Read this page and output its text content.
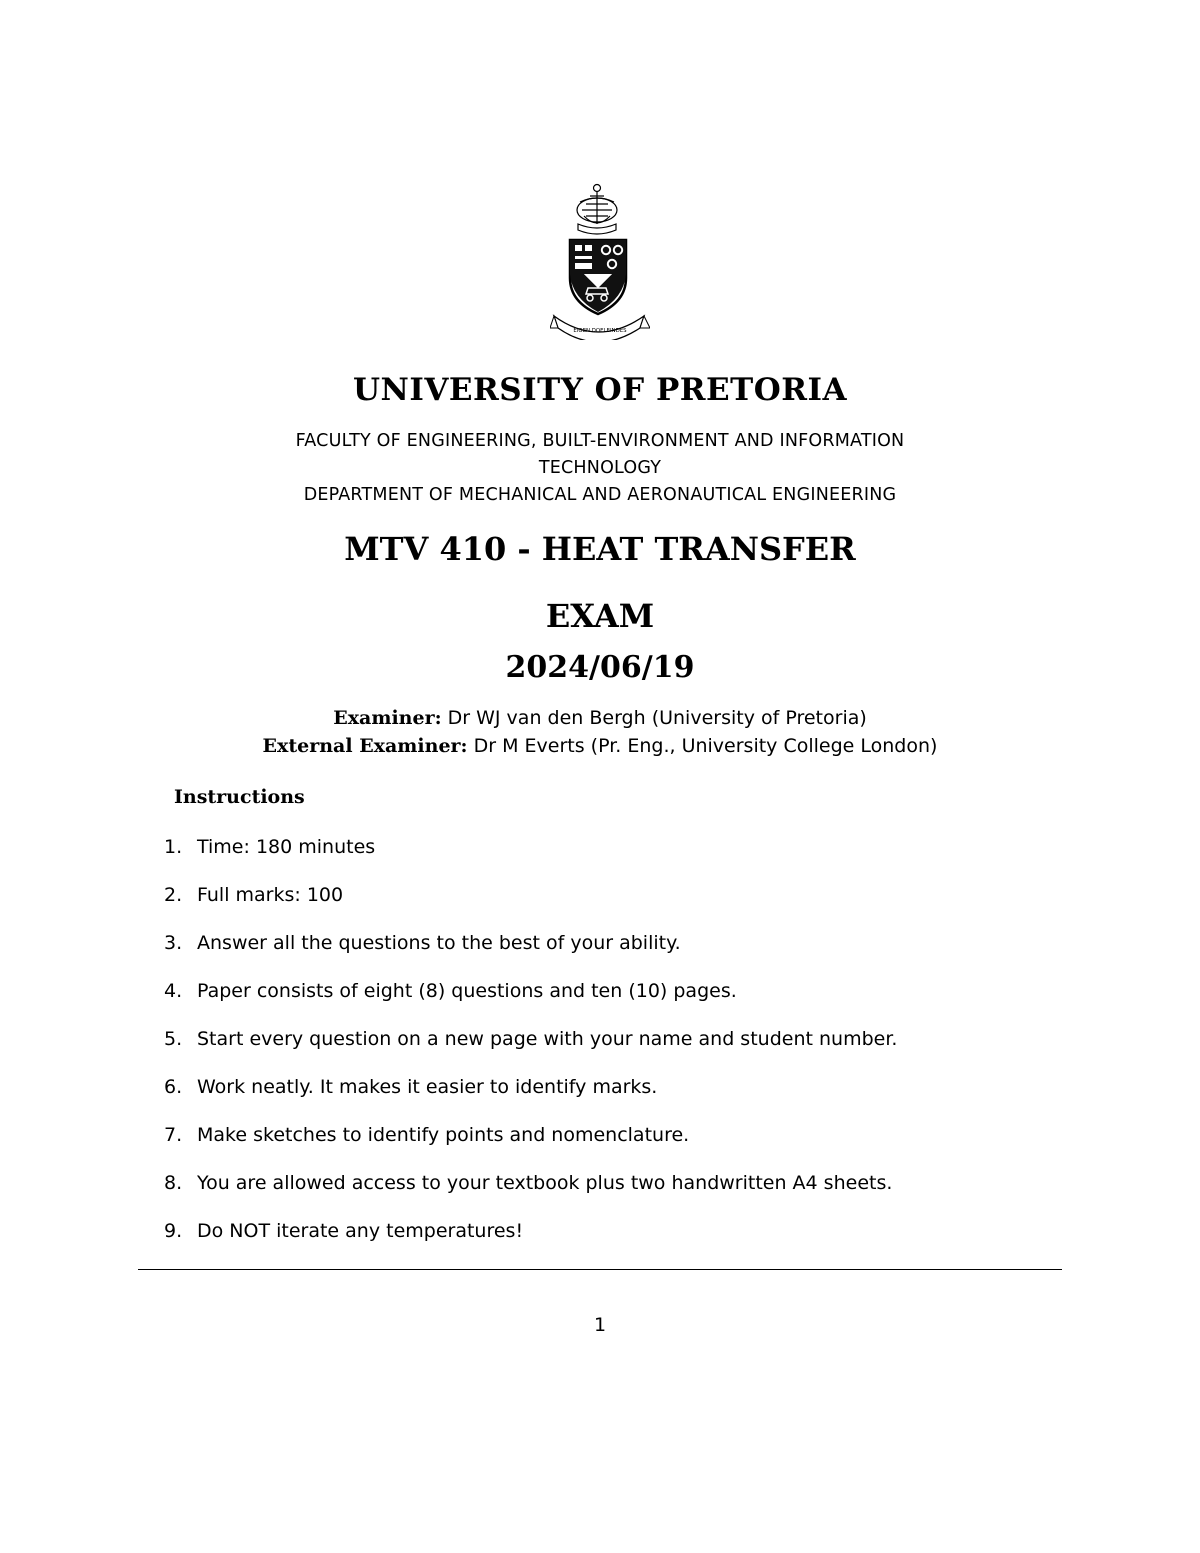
EIGEN DOELEINDES
UNIVERSITY OF PRETORIA
FACULTY OF ENGINEERING, BUILT-ENVIRONMENT AND INFORMATION
TECHNOLOGY
DEPARTMENT OF MECHANICAL AND AERONAUTICAL ENGINEERING
MTV 410 - HEAT TRANSFER
EXAM
2024/06/19
Examiner: Dr WJ van den Bergh (University of Pretoria)
External Examiner: Dr M Everts (Pr. Eng., University College London)
Instructions
1. Time: 180 minutes
2. Full marks: 100
3. Answer all the questions to the best of your ability.
4. Paper consists of eight (8) questions and ten (10) pages.
5. Start every question on a new page with your name and student number.
6. Work neatly. It makes it easier to identify marks.
7. Make sketches to identify points and nomenclature.
8. You are allowed access to your textbook plus two handwritten A4 sheets.
9. Do NOT iterate any temperatures!
1
